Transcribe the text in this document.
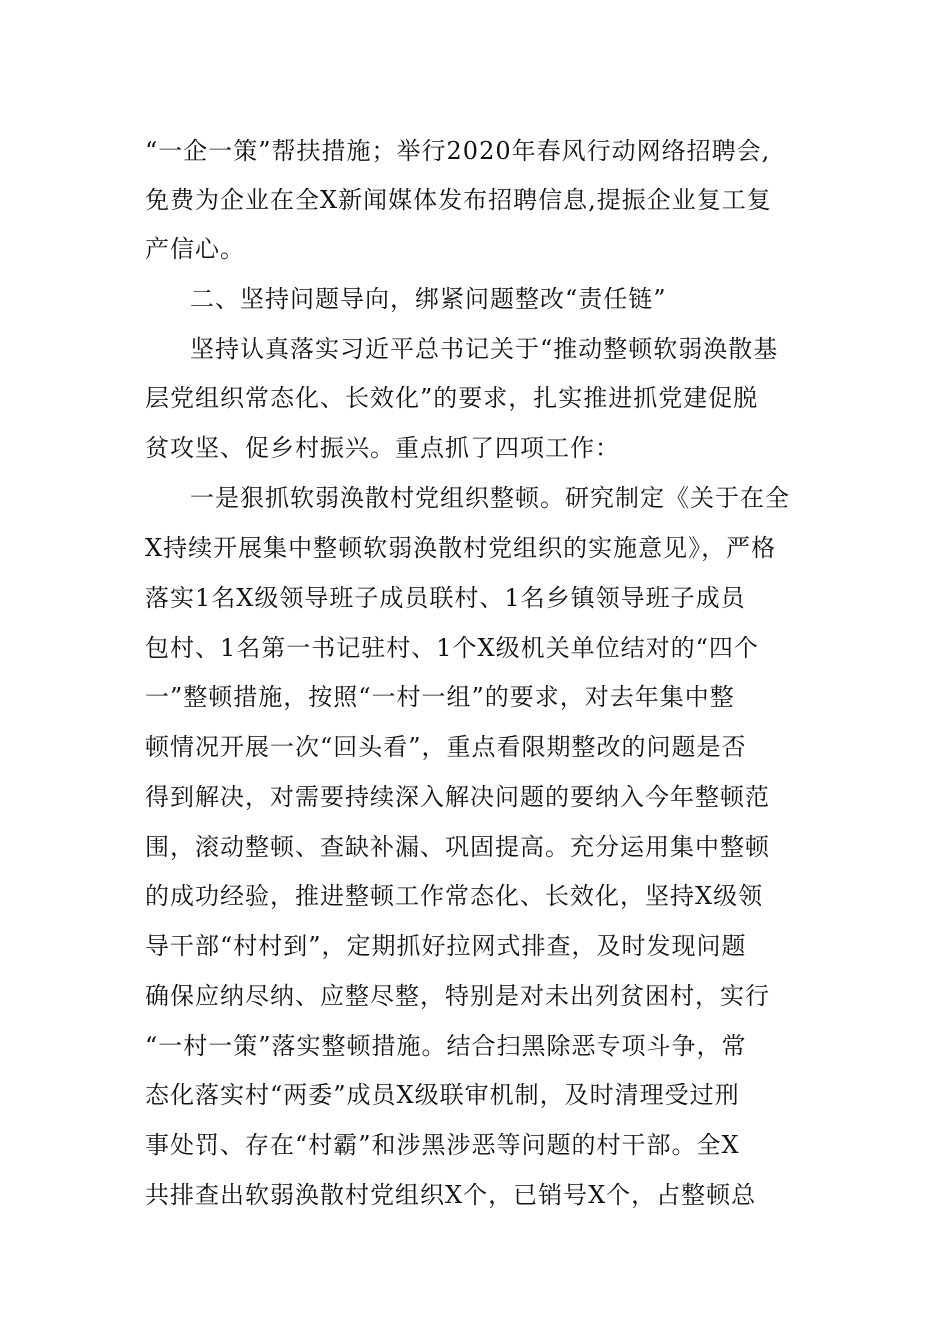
“一企一策”帮扶措施；举行2020年春风行动网络招聘会,
免费为企业在全X新闻媒体发布招聘信息,提振企业复工复
产信心。
二、坚持问题导向，绑紧问题整改“责任链”
坚持认真落实习近平总书记关于“推动整顿软弱涣散基
层党组织常态化、长效化”的要求，扎实推进抓党建促脱
贫攻坚、促乡村振兴。重点抓了四项工作：
一是狠抓软弱涣散村党组织整顿。研究制定《关于在全
X持续开展集中整顿软弱涣散村党组织的实施意见》，严格
落实1名X级领导班子成员联村、1名乡镇领导班子成员
包村、1名第一书记驻村、1个X级机关单位结对的“四个
一”整顿措施，按照“一村一组”的要求，对去年集中整
顿情况开展一次“回头看”，重点看限期整改的问题是否
得到解决，对需要持续深入解决问题的要纳入今年整顿范
围，滚动整顿、查缺补漏、巩固提高。充分运用集中整顿
的成功经验，推进整顿工作常态化、长效化，坚持X级领
导干部“村村到”，定期抓好拉网式排查，及时发现问题
确保应纳尽纳、应整尽整，特别是对未出列贫困村，实行
“一村一策”落实整顿措施。结合扫黑除恶专项斗争，常
态化落实村“两委”成员X级联审机制，及时清理受过刑
事处罚、存在“村霸”和涉黑涉恶等问题的村干部。全X
共排查出软弱涣散村党组织X个，已销号X个，占整顿总
